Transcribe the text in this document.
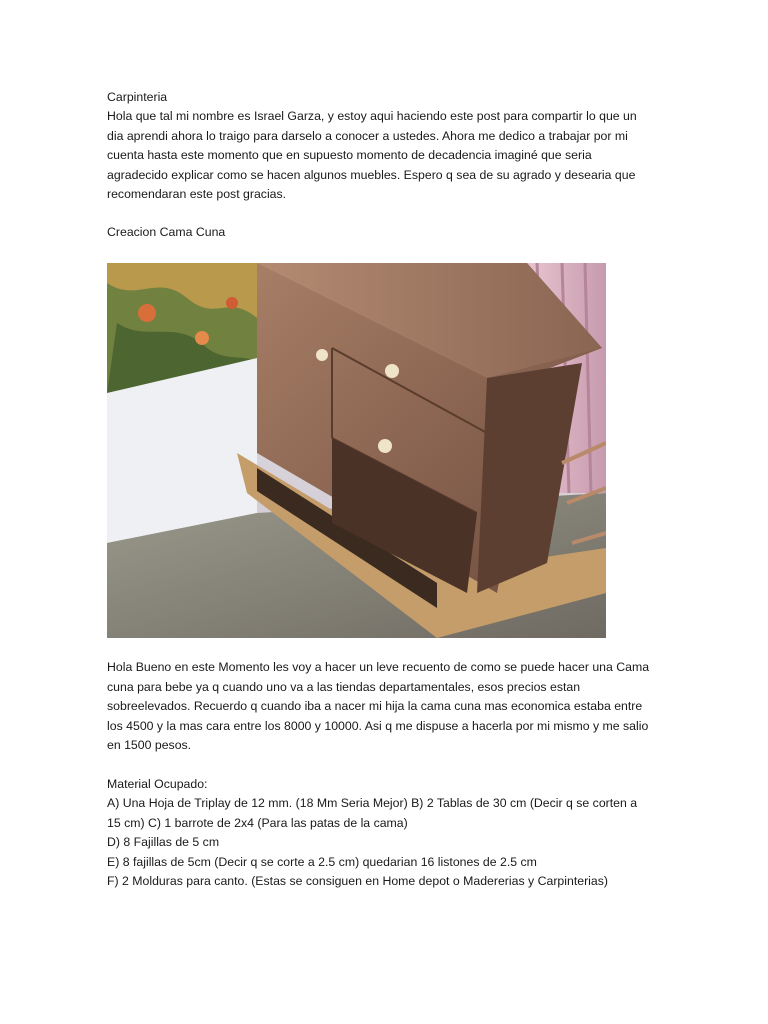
Carpinteria

Hola que tal mi nombre es Israel Garza, y estoy aqui haciendo este post para compartir lo que un
dia aprendi ahora lo traigo para darselo a conocer a ustedes. Ahora me dedico a trabajar por mi
cuenta hasta este momento que en supuesto momento de decadencia imaginé que seria
agradecido explicar como se hacen algunos muebles. Espero q sea de su agrado y desearia que
recomendaran este post gracias.

Creacion Cama Cuna

Hola Bueno en este Momento les voy a hacer un leve recuento de como se puede hacer una Cama
cuna para bebe ya q cuando uno va a las tiendas departamentales, esos precios estan
sobreelevados. Recuerdo q cuando iba a nacer mi hija la cama cuna mas economica estaba entre
los 4500 y la mas cara entre los 8000 y 10000. Asi q me dispuse a hacerla por mi mismo y me salio
en 1500 pesos.

Material Ocupado:

A) Una Hoja de Triplay de 12 mm. (18 Mm Seria Mejor) B) 2 Tablas de 30 cm (Decir q se corten a
15 cm) C) 1 barrote de 2x4 (Para las patas de la cama)
D) 8 Fajillas de 5 cm
E) 8 fajillas de 5cm (Decir q se corte a 2.5 cm) quedarian 16 listones de 2.5 cm
F) 2 Molduras para canto. (Estas se consiguen en Home depot o Madererias y Carpinterias)
